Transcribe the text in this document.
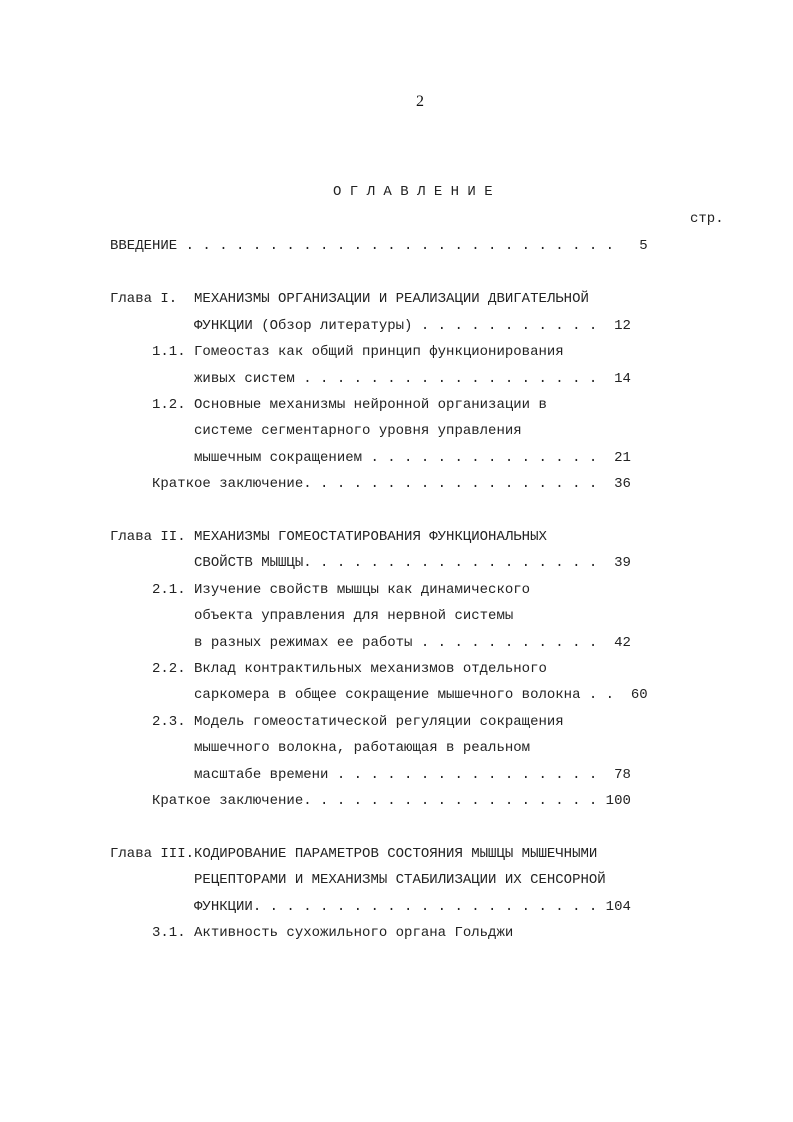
2
О Г Л А В Л Е Н И Е
стр.
ВВЕДЕНИЕ . . . . . . . . . . . . . . . . . . . . . . . . . .   5
Глава I.  МЕХАНИЗМЫ ОРГАНИЗАЦИИ И РЕАЛИЗАЦИИ ДВИГАТЕЛЬНОЙ
ФУНКЦИИ (Обзор литературы) . . . . . . . . . . .  12
1.1. Гомеостаз как общий принцип функционирования
живых систем . . . . . . . . . . . . . . . . . .  14
1.2. Основные механизмы нейронной организации в
системе сегментарного уровня управления
мышечным сокращением . . . . . . . . . . . . . .  21
Краткое заключение. . . . . . . . . . . . . . . . . .  36
Глава II. МЕХАНИЗМЫ ГОМЕОСТАТИРОВАНИЯ ФУНКЦИОНАЛЬНЫХ
СВОЙСТВ МЫШЦЫ. . . . . . . . . . . . . . . . . .  39
2.1. Изучение свойств мышцы как динамического
объекта управления для нервной системы
в разных режимах ее работы . . . . . . . . . . .  42
2.2. Вклад контрактильных механизмов отдельного
саркомера в общее сокращение мышечного волокна . .  60
2.3. Модель гомеостатической регуляции сокращения
мышечного волокна, работающая в реальном
масштабе времени . . . . . . . . . . . . . . . .  78
Краткое заключение. . . . . . . . . . . . . . . . . . 100
Глава III.КОДИРОВАНИЕ ПАРАМЕТРОВ СОСТОЯНИЯ МЫШЦЫ МЫШЕЧНЫМИ
РЕЦЕПТОРАМИ И МЕХАНИЗМЫ СТАБИЛИЗАЦИИ ИХ СЕНСОРНОЙ
ФУНКЦИИ. . . . . . . . . . . . . . . . . . . . . 104
3.1. Активность сухожильного органа Гольджи
